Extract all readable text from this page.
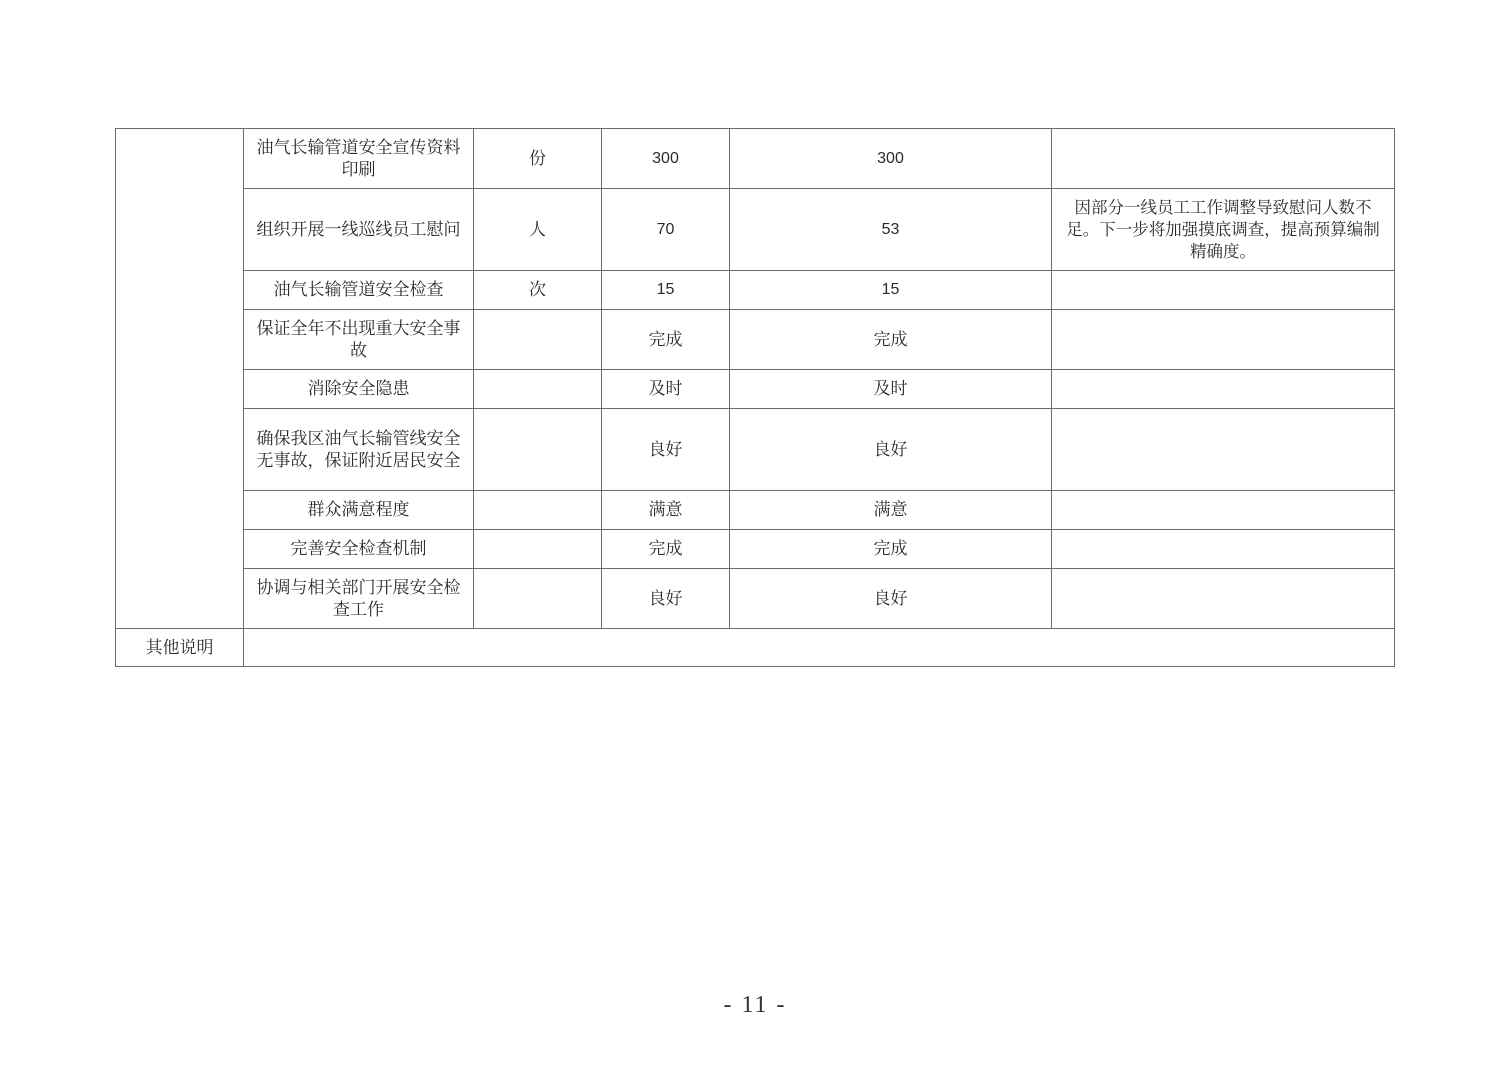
	油气长输管道安全宣传资料印刷	份	300	300	
	组织开展一线巡线员工慰问	人	70	53	因部分一线员工工作调整导致慰问人数不足。下一步将加强摸底调查，提高预算编制精确度。
	油气长输管道安全检查	次	15	15	
	保证全年不出现重大安全事故		完成	完成	
	消除安全隐患		及时	及时	
	确保我区油气长输管线安全无事故，保证附近居民安全		良好	良好	
	群众满意程度		满意	满意	
	完善安全检查机制		完成	完成	
	协调与相关部门开展安全检查工作		良好	良好	
其他说明					
- 11 -
